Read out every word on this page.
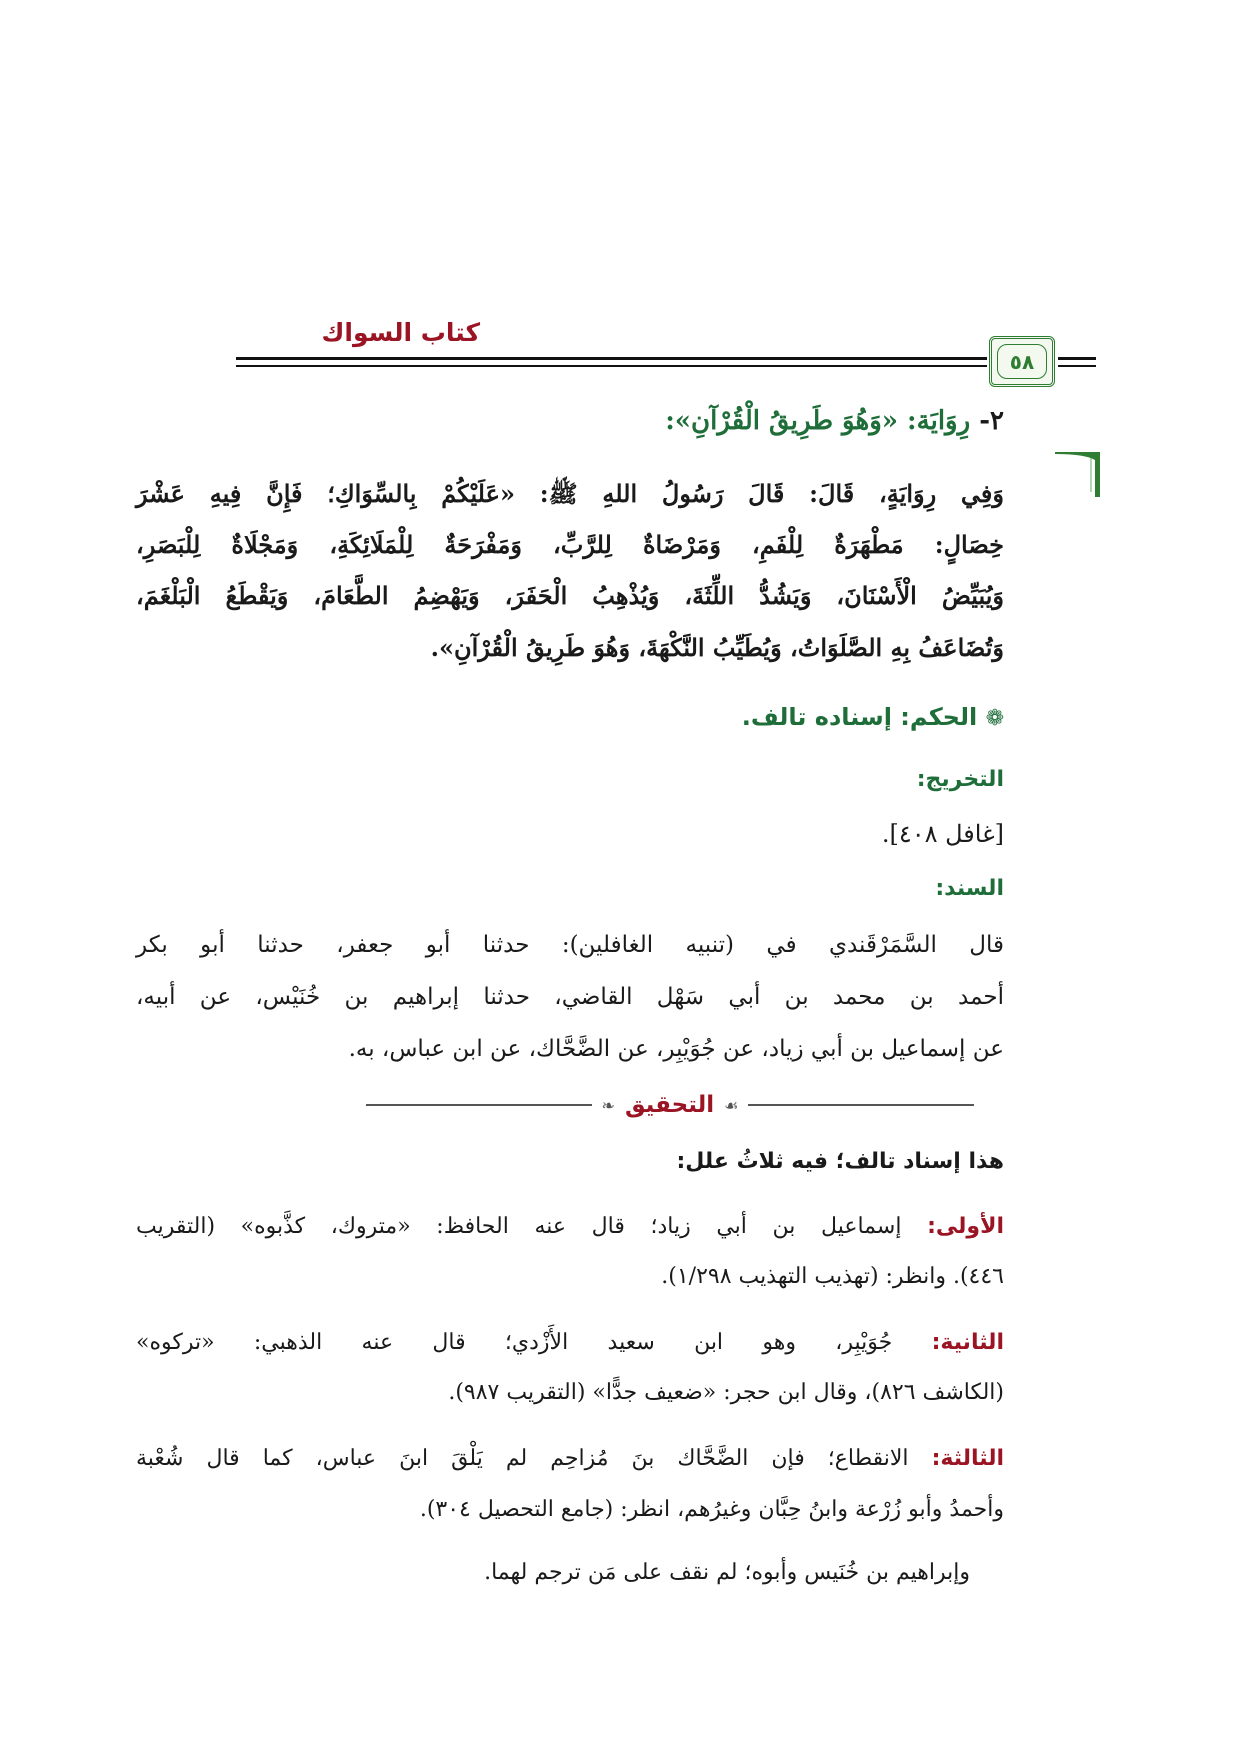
كتاب السواك
٥٨
٢- رِوَايَة: «وَهُوَ طَرِيقُ الْقُرْآنِ»:
وَفِي رِوَايَةٍ، قَالَ: قَالَ رَسُولُ اللهِ ﷺ: «عَلَيْكُمْ بِالسِّوَاكِ؛ فَإِنَّ فِيهِ عَشْرَ
خِصَالٍ: مَطْهَرَةٌ لِلْفَمِ، وَمَرْضَاةٌ لِلرَّبِّ، وَمَفْرَحَةٌ لِلْمَلَائِكَةِ، وَمَجْلَاةٌ لِلْبَصَرِ،
وَيُبَيِّضُ الْأَسْنَانَ، وَيَشُدُّ اللِّثَةَ، وَيُذْهِبُ الْحَفَرَ، وَيَهْضِمُ الطَّعَامَ، وَيَقْطَعُ الْبَلْغَمَ،
وَتُضَاعَفُ بِهِ الصَّلَوَاتُ، وَيُطَيِّبُ النَّكْهَةَ، وَهُوَ طَرِيقُ الْقُرْآنِ».
❁ الحكم: إسناده تالف.
التخريج:
[غافل ٤٠٨].
السند:
قال السَّمَرْقَندي في (تنبيه الغافلين): حدثنا أبو جعفر، حدثنا أبو بكر
أحمد بن محمد بن أبي سَهْل القاضي، حدثنا إبراهيم بن خُنَيْس، عن أبيه،
عن إسماعيل بن أبي زياد، عن جُوَيْبِر، عن الضَّحَّاك، عن ابن عباس، به.
❧ التحقيق ☙
هذا إسناد تالف؛ فيه ثلاثُ علل:
الأولى: إسماعيل بن أبي زياد؛ قال عنه الحافظ: «متروك، كذَّبوه» (التقريب
٤٤٦). وانظر: (تهذيب التهذيب ١/٢٩٨).
الثانية: جُوَيْبِر، وهو ابن سعيد الأَزْدي؛ قال عنه الذهبي: «تركوه»
(الكاشف ٨٢٦)، وقال ابن حجر: «ضعيف جدًّا» (التقريب ٩٨٧).
الثالثة: الانقطاع؛ فإن الضَّحَّاك بنَ مُزاحِم لم يَلْقَ ابنَ عباس، كما قال شُعْبة
وأحمدُ وأبو زُرْعة وابنُ حِبَّان وغيرُهم، انظر: (جامع التحصيل ٣٠٤).
وإبراهيم بن خُنَيس وأبوه؛ لم نقف على مَن ترجم لهما.
